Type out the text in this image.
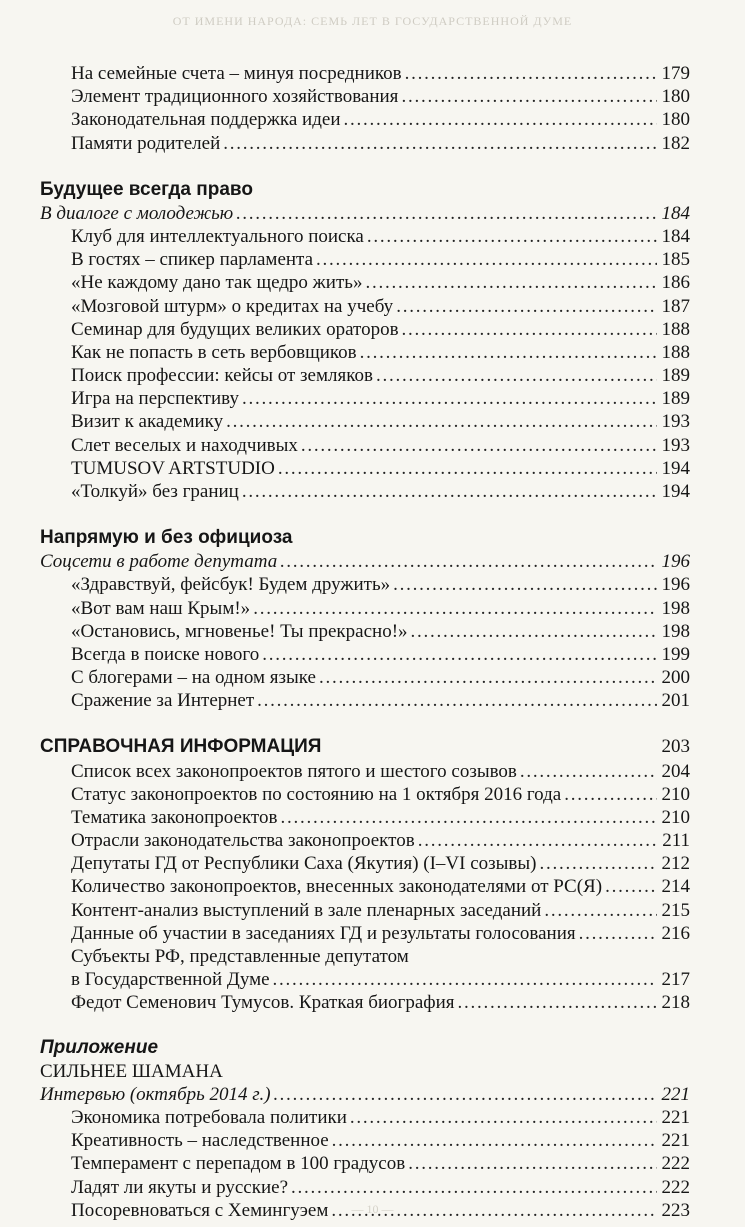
ОТ ИМЕНИ НАРОДА: СЕМЬ ЛЕТ В ГОСУДАРСТВЕННОЙ ДУМЕ
На семейные счета – минуя посредников . . .	179
Элемент традиционного хозяйствования . . .	180
Законодательная поддержка идеи . . .	180
Памяти родителей . . .	182
Будущее всегда право
В диалоге с молодежью . . .	184
Клуб для интеллектуального поиска . . .	184
В гостях – спикер парламента . . .	185
«Не каждому дано так щедро жить» . . .	186
«Мозговой штурм» о кредитах на учебу . . .	187
Семинар для будущих великих ораторов . . .	188
Как не попасть в сеть вербовщиков . . .	188
Поиск профессии: кейсы от земляков . . .	189
Игра на перспективу . . .	189
Визит к академику . . .	193
Слет веселых и находчивых . . .	193
TUMUSOV ARTSTUDIO . . .	194
«Толкуй» без границ . . .	194
Напрямую и без официоза
Соцсети в работе депутата . . .	196
«Здравствуй, фейсбук! Будем дружить» . . .	196
«Вот вам наш Крым!» . . .	198
«Остановись, мгновенье! Ты прекрасно!» . . .	198
Всегда в поиске нового . . .	199
С блогерами – на одном языке . . .	200
Сражение за Интернет . . .	201
СПРАВОЧНАЯ ИНФОРМАЦИЯ	203
Список всех законопроектов пятого и шестого созывов . . .	204
Статус законопроектов по состоянию на 1 октября 2016 года . . .	210
Тематика законопроектов . . .	210
Отрасли законодательства законопроектов . . .	211
Депутаты ГД от Республики Саха (Якутия) (I–VI созывы) . . .	212
Количество законопроектов, внесенных законодателями от РС(Я) . . .	214
Контент-анализ выступлений в зале пленарных заседаний . . .	215
Данные об участии в заседаниях ГД и результаты голосования . . .	216
Субъекты РФ, представленные депутатом
в Государственной Думе . . .	217
Федот Семенович Тумусов. Краткая биография . . .	218
Приложение
СИЛЬНЕЕ ШАМАНА
Интервью (октябрь 2014 г.) . . .	221
Экономика потребовала политики . . .	221
Креативность – наследственное . . .	221
Темперамент с перепадом в 100 градусов . . .	222
Ладят ли якуты и русские? . . .	222
Посоревноваться с Хемингуэем . . .	223
— 10 —
